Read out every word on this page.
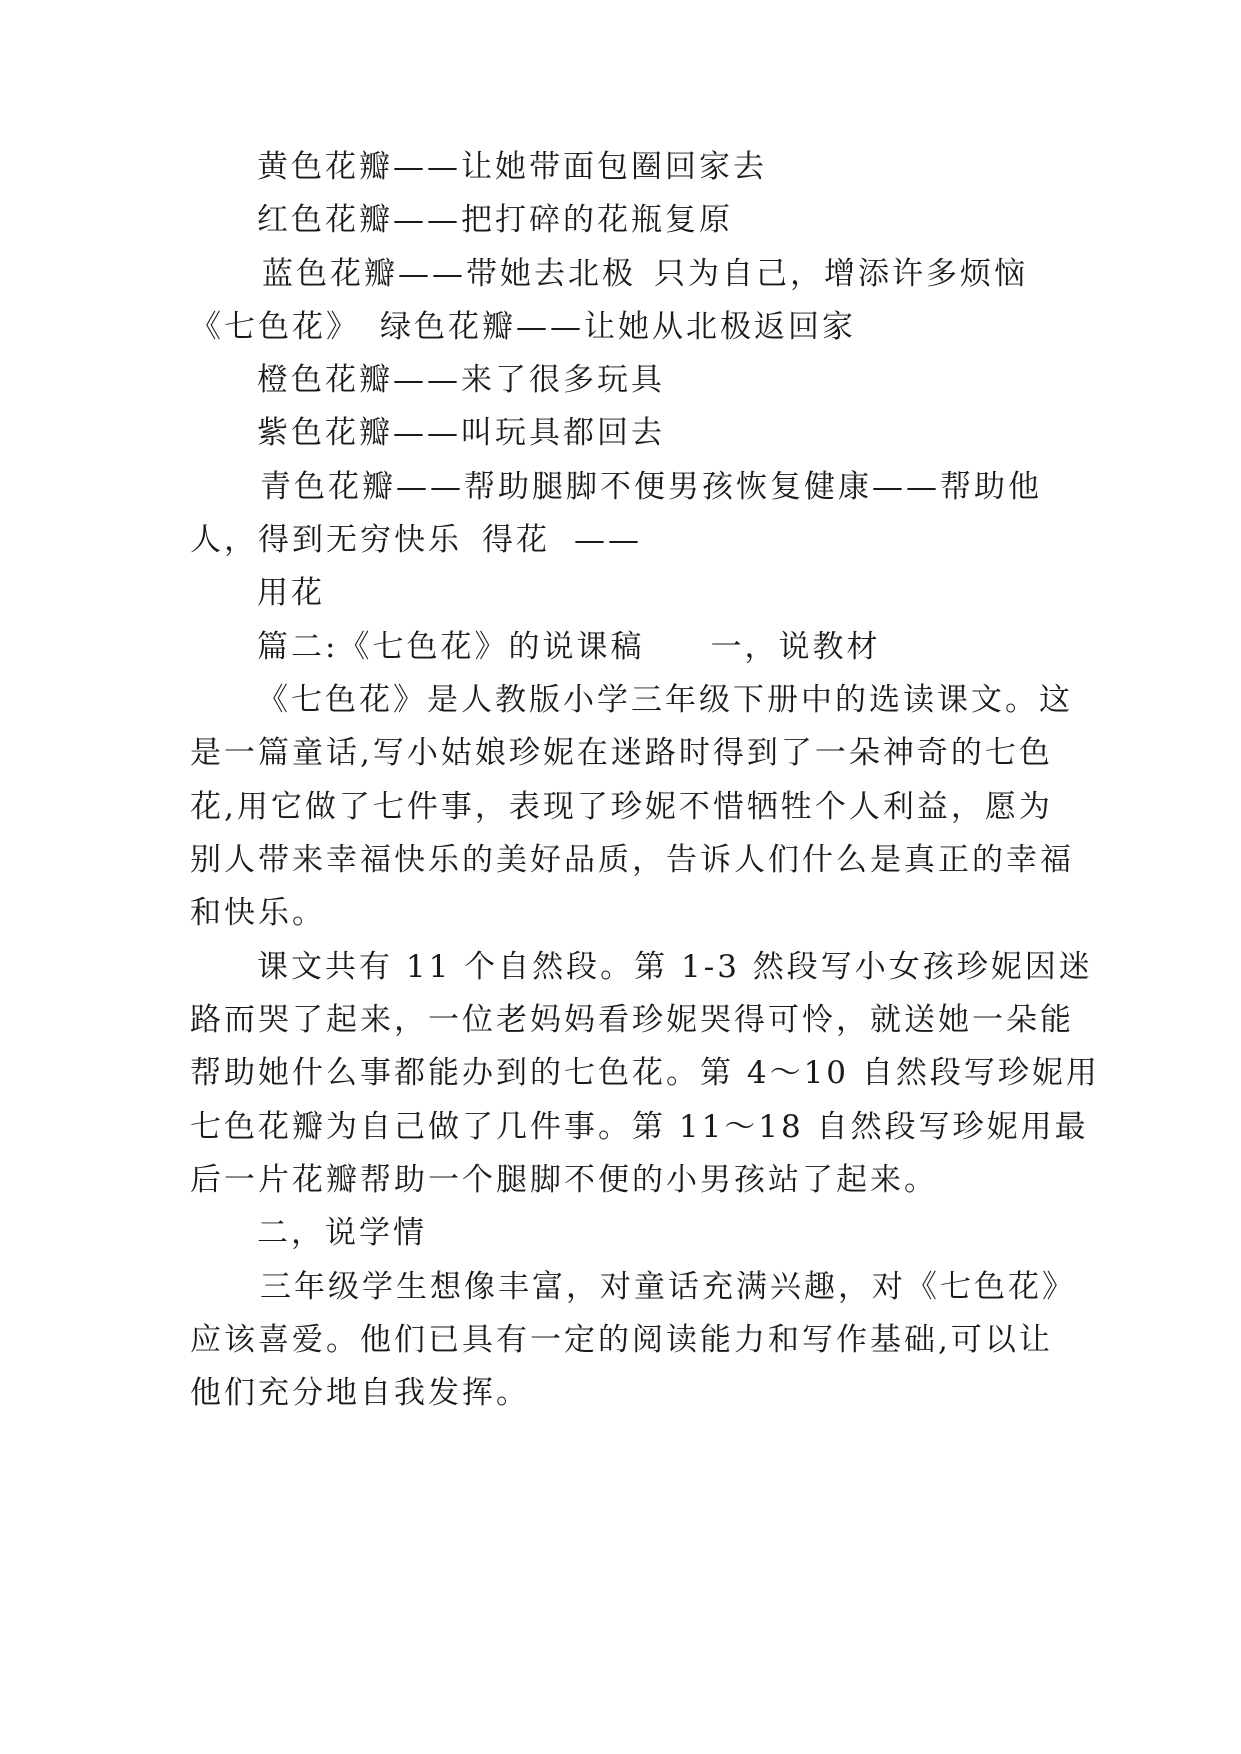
黄色花瓣——让她带面包圈回家去
红色花瓣——把打碎的花瓶复原
蓝色花瓣——带她去北极 只为自己，增添许多烦恼
《七色花》 绿色花瓣——让她从北极返回家
橙色花瓣——来了很多玩具
紫色花瓣——叫玩具都回去
青色花瓣——帮助腿脚不便男孩恢复健康——帮助他
人，得到无穷快乐 得花 ——
用花
篇二:《七色花》的说课稿 一，说教材
《七色花》是人教版小学三年级下册中的选读课文。这
是一篇童话,写小姑娘珍妮在迷路时得到了一朵神奇的七色
花,用它做了七件事，表现了珍妮不惜牺牲个人利益，愿为
别人带来幸福快乐的美好品质，告诉人们什么是真正的幸福
和快乐。
课文共有 11 个自然段。第 1-3 然段写小女孩珍妮因迷
路而哭了起来，一位老妈妈看珍妮哭得可怜，就送她一朵能
帮助她什么事都能办到的七色花。第 4～10 自然段写珍妮用
七色花瓣为自己做了几件事。第 11～18 自然段写珍妮用最
后一片花瓣帮助一个腿脚不便的小男孩站了起来。
二，说学情
三年级学生想像丰富，对童话充满兴趣，对《七色花》
应该喜爱。他们已具有一定的阅读能力和写作基础,可以让
他们充分地自我发挥。
